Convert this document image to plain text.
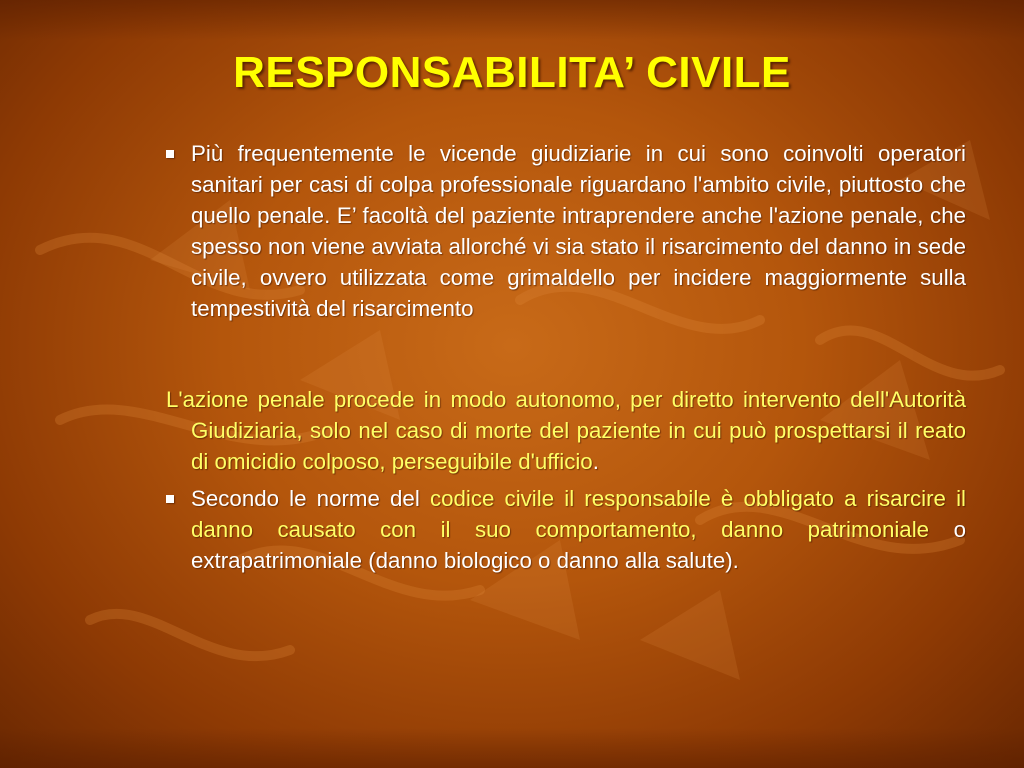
RESPONSABILITA’ CIVILE

Più frequentemente le vicende giudiziarie in cui sono coinvolti operatori sanitari per casi di colpa professionale riguardano l'ambito civile, piuttosto che quello penale. E’ facoltà del paziente intraprendere anche l'azione penale, che spesso non viene avviata allorché vi sia stato il risarcimento del danno in sede civile, ovvero utilizzata come grimaldello per incidere maggiormente sulla tempestività del risarcimento

L'azione penale procede in modo autonomo, per diretto intervento dell'Autorità Giudiziaria, solo nel caso di morte del paziente in cui può prospettarsi il reato di omicidio colposo, perseguibile d'ufficio.

Secondo le norme del codice civile il responsabile è obbligato a risarcire il danno causato con il suo comportamento, danno patrimoniale o extrapatrimoniale (danno biologico o danno alla salute).
